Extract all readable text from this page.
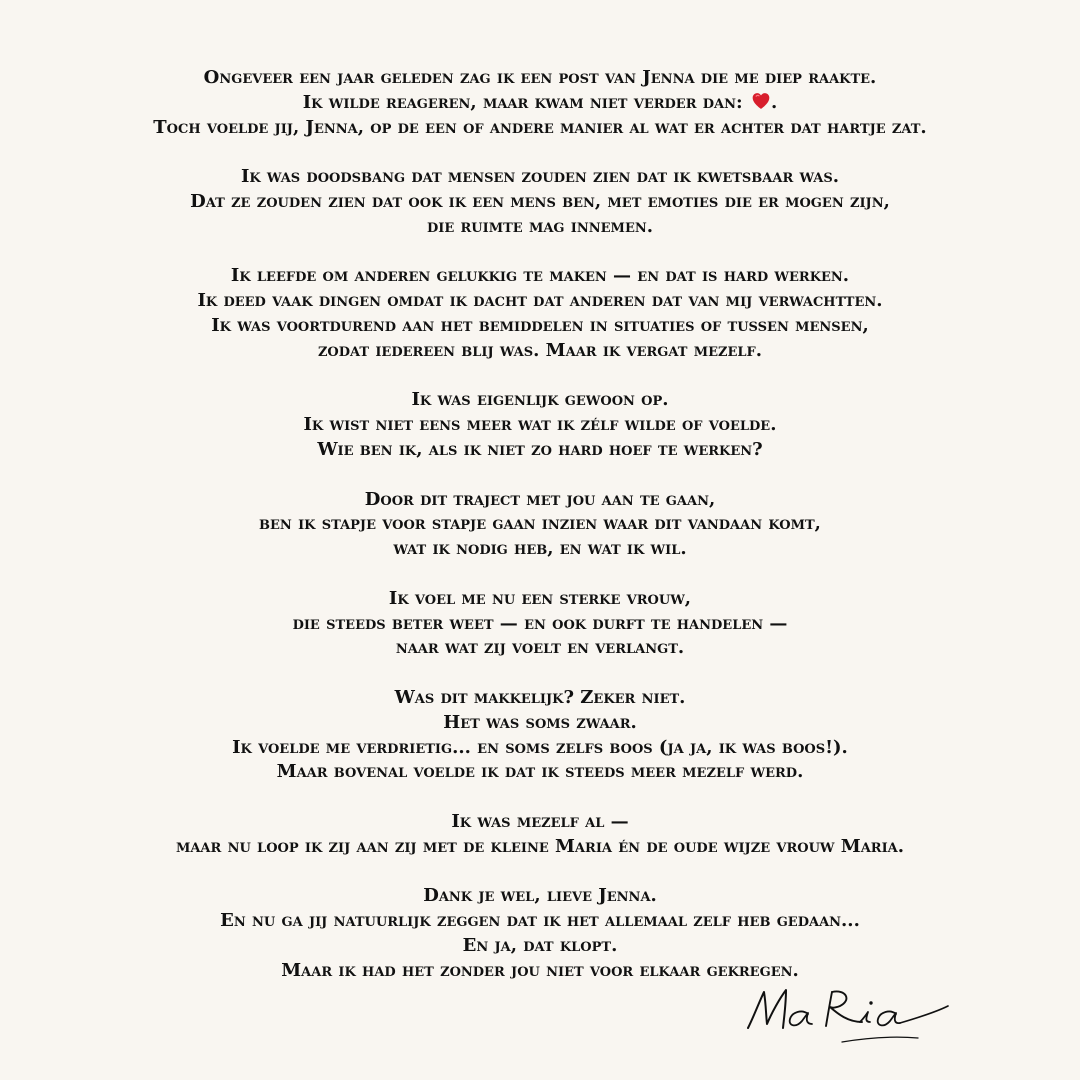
Ongeveer een jaar geleden zag ik een post van Jenna die me diep raakte.
Ik wilde reageren, maar kwam niet verder dan: .
Toch voelde jij, Jenna, op de een of andere manier al wat er achter dat hartje zat.

Ik was doodsbang dat mensen zouden zien dat ik kwetsbaar was.
Dat ze zouden zien dat ook ik een mens ben, met emoties die er mogen zijn,
die ruimte mag innemen.

Ik leefde om anderen gelukkig te maken — en dat is hard werken.
Ik deed vaak dingen omdat ik dacht dat anderen dat van mij verwachtten.
Ik was voortdurend aan het bemiddelen in situaties of tussen mensen,
zodat iedereen blij was. Maar ik vergat mezelf.

Ik was eigenlijk gewoon op.
Ik wist niet eens meer wat ik zélf wilde of voelde.
Wie ben ik, als ik niet zo hard hoef te werken?

Door dit traject met jou aan te gaan,
ben ik stapje voor stapje gaan inzien waar dit vandaan komt,
wat ik nodig heb, en wat ik wil.

Ik voel me nu een sterke vrouw,
die steeds beter weet — en ook durft te handelen —
naar wat zij voelt en verlangt.

Was dit makkelijk? Zeker niet.
Het was soms zwaar.
Ik voelde me verdrietig... en soms zelfs boos (ja ja, ik was boos!).
Maar bovenal voelde ik dat ik steeds meer mezelf werd.

Ik was mezelf al —
maar nu loop ik zij aan zij met de kleine Maria én de oude wijze vrouw Maria.

Dank je wel, lieve Jenna.
En nu ga jij natuurlijk zeggen dat ik het allemaal zelf heb gedaan...
En ja, dat klopt.
Maar ik had het zonder jou niet voor elkaar gekregen.
